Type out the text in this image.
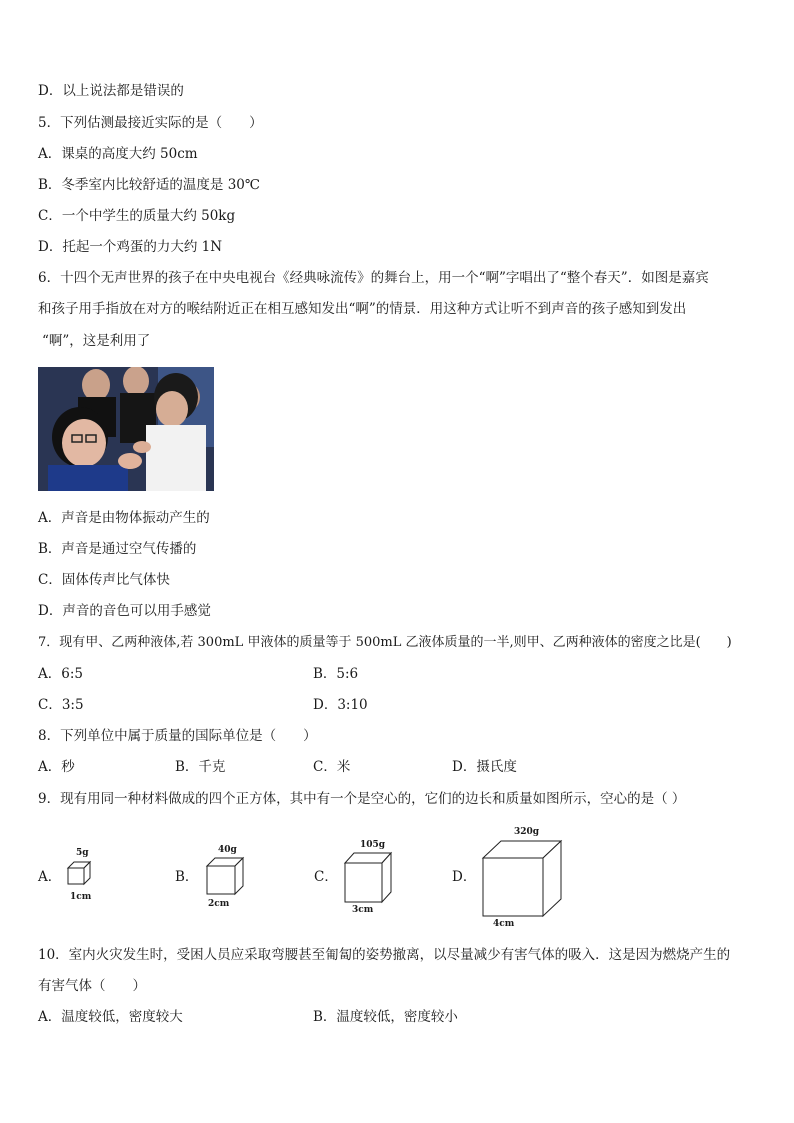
D．以上说法都是错误的
5．下列估测最接近实际的是（　　）
A．课桌的高度大约 50cm
B．冬季室内比较舒适的温度是 30℃
C．一个中学生的质量大约 50kg
D．托起一个鸡蛋的力大约 1N
6．十四个无声世界的孩子在中央电视台《经典咏流传》的舞台上，用一个“啊”字唱出了“整个春天”．如图是嘉宾
和孩子用手指放在对方的喉结附近正在相互感知发出“啊”的情景．用这种方式让听不到声音的孩子感知到发出
“啊”，这是利用了
A．声音是由物体振动产生的
B．声音是通过空气传播的
C．固体传声比气体快
D．声音的音色可以用手感觉
7．现有甲、乙两种液体,若 300mL 甲液体的质量等于 500mL 乙液体质量的一半,则甲、乙两种液体的密度之比是(　　)
A．6:5	B．5:6
C．3:5	D．3:10
8．下列单位中属于质量的国际单位是（　　）
A．秒	B．千克	C．米	D．摄氏度
9．现有用同一种材料做成的四个正方体，其中有一个是空心的，它们的边长和质量如图所示，空心的是（ ）
A．
5g
1cm
B．
40g
2cm
C．
105g
3cm
D．
320g
4cm
10．室内火灾发生时，受困人员应采取弯腰甚至匍匐的姿势撤离，以尽量减少有害气体的吸入．这是因为燃烧产生的
有害气体（　　）
A．温度较低，密度较大	B．温度较低，密度较小
